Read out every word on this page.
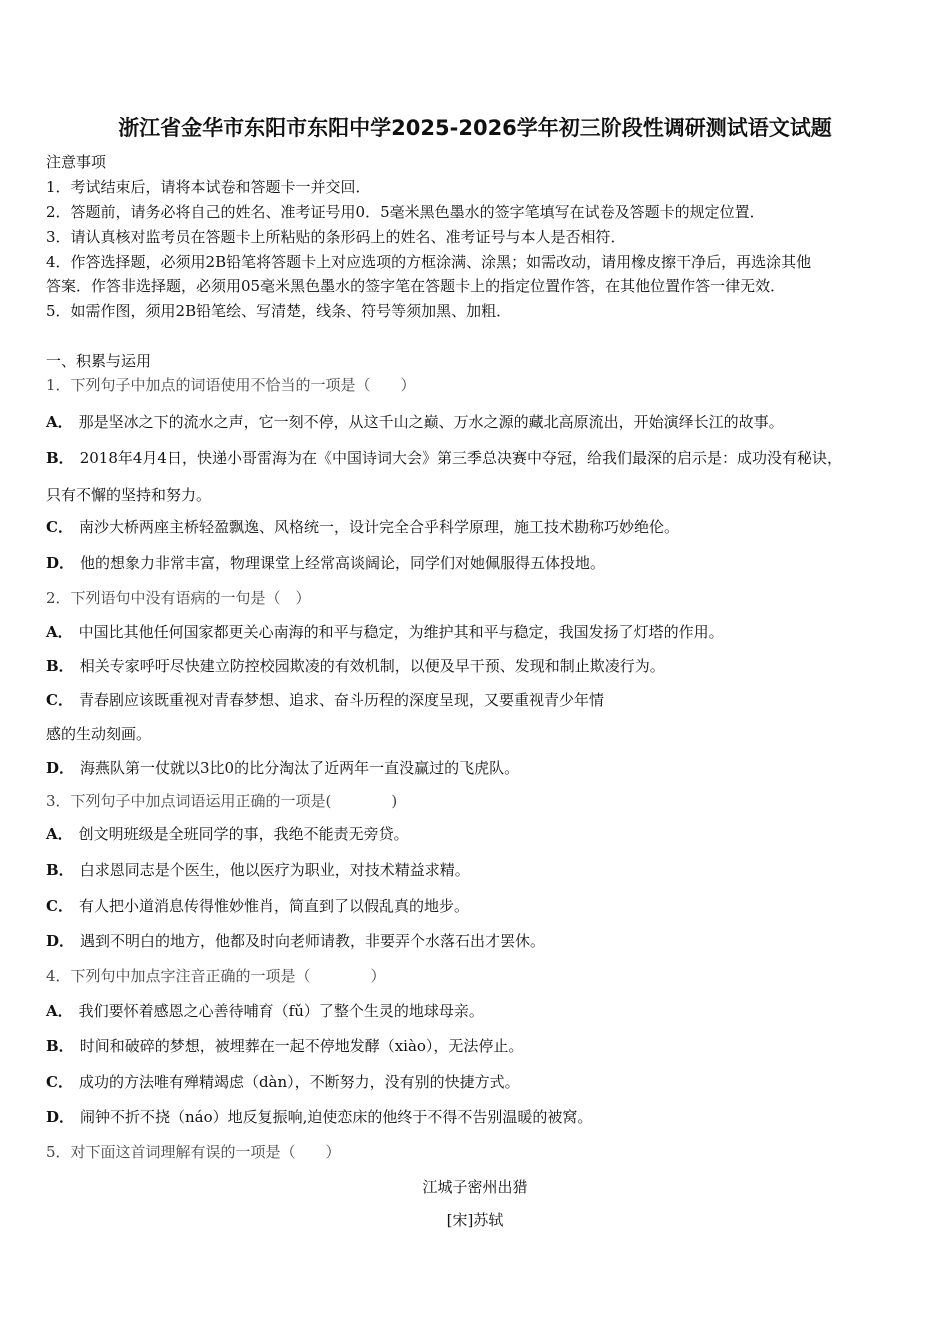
浙江省金华市东阳市东阳中学2025-2026学年初三阶段性调研测试语文试题
注意事项
1．考试结束后，请将本试卷和答题卡一并交回．
2．答题前，请务必将自己的姓名、准考证号用0．5毫米黑色墨水的签字笔填写在试卷及答题卡的规定位置．
3．请认真核对监考员在答题卡上所粘贴的条形码上的姓名、准考证号与本人是否相符．
4．作答选择题，必须用2B铅笔将答题卡上对应选项的方框涂满、涂黑；如需改动，请用橡皮擦干净后，再选涂其他
答案．作答非选择题，必须用05毫米黑色墨水的签字笔在答题卡上的指定位置作答，在其他位置作答一律无效．
5．如需作图，须用2B铅笔绘、写清楚，线条、符号等须加黑、加粗．
一、积累与运用
1．下列句子中加点的词语使用不恰当的一项是（　　）
A． 那是坚冰之下的流水之声，它一刻不停，从这千山之巅、万水之源的藏北高原流出，开始演绎长江的故事。
B． 2018年4月4日，快递小哥雷海为在《中国诗词大会》第三季总决赛中夺冠，给我们最深的启示是：成功没有秘诀，
只有不懈的坚持和努力。
C． 南沙大桥两座主桥轻盈飘逸、风格统一，设计完全合乎科学原理，施工技术勘称巧妙绝伦。
D． 他的想象力非常丰富，物理课堂上经常高谈阔论，同学们对她佩服得五体投地。
2．下列语句中没有语病的一句是（　）
A． 中国比其他任何国家都更关心南海的和平与稳定，为维护其和平与稳定，我国发扬了灯塔的作用。
B． 相关专家呼吁尽快建立防控校园欺凌的有效机制，以便及早干预、发现和制止欺凌行为。
C． 青春剧应该既重视对青春梦想、追求、奋斗历程的深度呈现，又要重视青少年情
感的生动刻画。
D． 海燕队第一仗就以3比0的比分淘汰了近两年一直没赢过的飞虎队。
3．下列句子中加点词语运用正确的一项是(　　　　)
A． 创文明班级是全班同学的事，我绝不能责无旁贷。
B． 白求恩同志是个医生，他以医疗为职业，对技术精益求精。
C． 有人把小道消息传得惟妙惟肖，简直到了以假乱真的地步。
D． 遇到不明白的地方，他都及时向老师请教，非要弄个水落石出才罢休。
4．下列句中加点字注音正确的一项是（　　　　）
A． 我们要怀着感恩之心善待哺育（fǔ）了整个生灵的地球母亲。
B． 时间和破碎的梦想，被埋葬在一起不停地发酵（xiào），无法停止。
C． 成功的方法唯有殚精竭虑（dàn），不断努力，没有别的快捷方式。
D． 闹钟不折不挠（náo）地反复振响,迫使恋床的他终于不得不告别温暖的被窝。
5．对下面这首词理解有误的一项是（　　）
江城子密州出猎
[宋]苏轼
